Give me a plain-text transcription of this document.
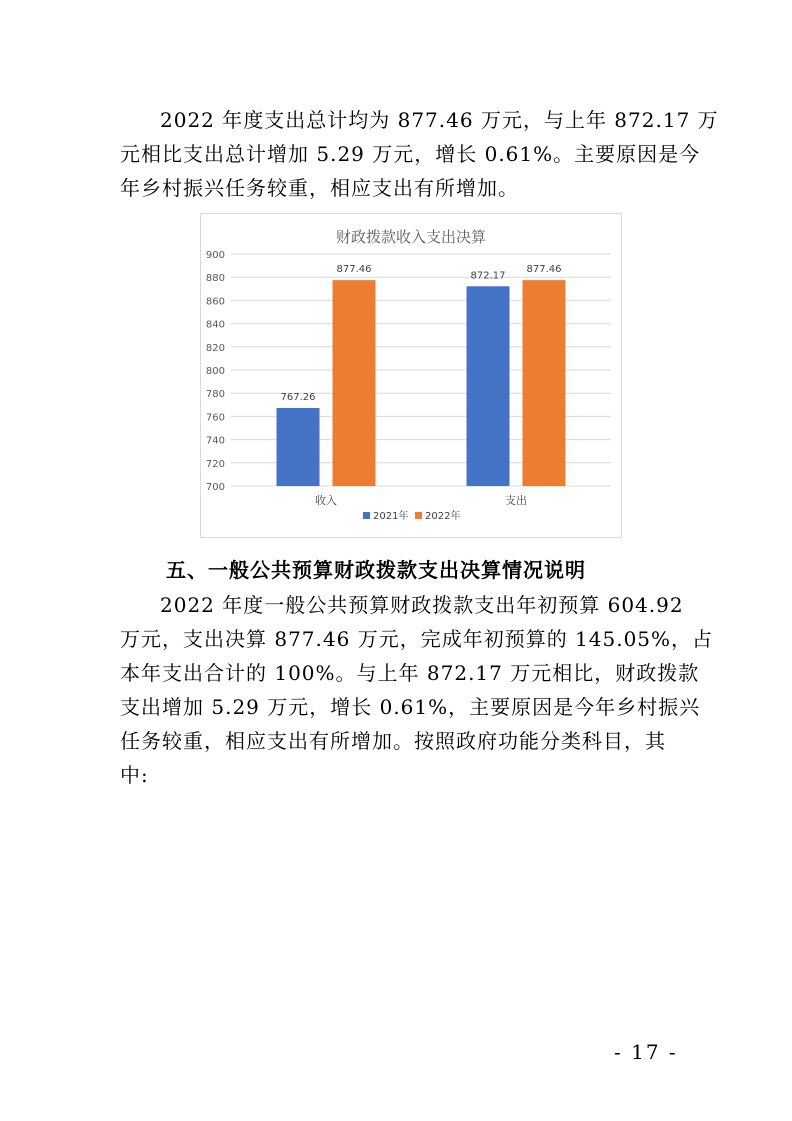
2022 年度支出总计均为 877.46 万元，与上年 872.17 万
元相比支出总计增加 5.29 万元，增长 0.61%。主要原因是今
年乡村振兴任务较重，相应支出有所增加。
财政拨款收入支出决算
700
720
740
760
780
800
820
840
860
880
900
767.26
877.46
872.17
877.46
收入	支出
2021年 2022年
五、一般公共预算财政拨款支出决算情况说明
2022 年度一般公共预算财政拨款支出年初预算 604.92
万元，支出决算 877.46 万元，完成年初预算的 145.05%，占
本年支出合计的 100%。与上年 872.17 万元相比，财政拨款
支出增加 5.29 万元，增长 0.61%，主要原因是今年乡村振兴
任务较重，相应支出有所增加。按照政府功能分类科目，其
中:
- 17 -
